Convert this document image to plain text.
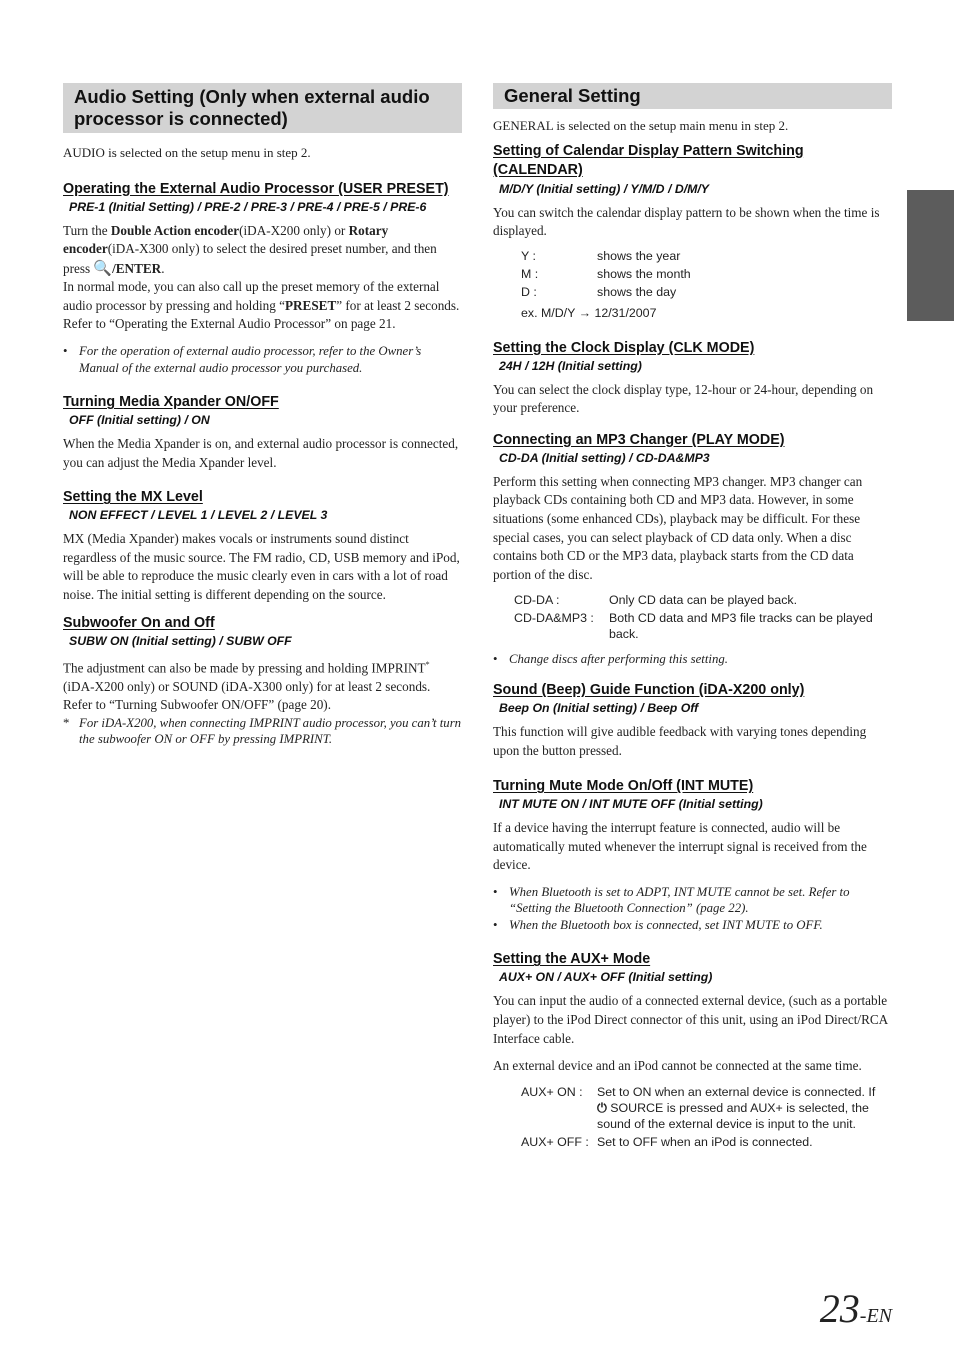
Audio Setting (Only when external audio processor is connected)

AUDIO is selected on the setup menu in step 2.

Operating the External Audio Processor (USER PRESET)

PRE-1 (Initial Setting) / PRE-2 / PRE-3 / PRE-4 / PRE-5 / PRE-6

Turn the Double Action encoder(iDA-X200 only) or Rotary encoder(iDA-X300 only) to select the desired preset number, and then press 🔍/ENTER.

In normal mode, you can also call up the preset memory of the external audio processor by pressing and holding “PRESET” for at least 2 seconds. Refer to “Operating the External Audio Processor” on page 21.

• For the operation of external audio processor, refer to the Owner’s Manual of the external audio processor you purchased.

Turning Media Xpander ON/OFF

OFF (Initial setting) / ON

When the Media Xpander is on, and external audio processor is connected, you can adjust the Media Xpander level.

Setting the MX Level

NON EFFECT / LEVEL 1 / LEVEL 2 / LEVEL 3

MX (Media Xpander) makes vocals or instruments sound distinct regardless of the music source. The FM radio, CD, USB memory and iPod, will be able to reproduce the music clearly even in cars with a lot of road noise. The initial setting is different depending on the source.

Subwoofer On and Off

SUBW ON (Initial setting) / SUBW OFF

The adjustment can also be made by pressing and holding IMPRINT* (iDA-X200 only) or SOUND (iDA-X300 only) for at least 2 seconds. Refer to “Turning Subwoofer ON/OFF” (page 20).

* For iDA-X200, when connecting IMPRINT audio processor, you can’t turn the subwoofer ON or OFF by pressing IMPRINT.

General Setting

GENERAL is selected on the setup main menu in step 2.

Setting of Calendar Display Pattern Switching (CALENDAR)

M/D/Y (Initial setting) / Y/M/D / D/M/Y

You can switch the calendar display pattern to be shown when the time is displayed.

Y :	shows the year
M :	shows the month
D :	shows the day

ex. M/D/Y → 12/31/2007

Setting the Clock Display (CLK MODE)

24H / 12H (Initial setting)

You can select the clock display type, 12-hour or 24-hour, depending on your preference.

Connecting an MP3 Changer (PLAY MODE)

CD-DA (Initial setting) / CD-DA&MP3

Perform this setting when connecting MP3 changer. MP3 changer can playback CDs containing both CD and MP3 data. However, in some situations (some enhanced CDs), playback may be difficult. For these special cases, you can select playback of CD data only. When a disc contains both CD or the MP3 data, playback starts from the CD data portion of the disc.

CD-DA :	Only CD data can be played back.
CD-DA&MP3 :	Both CD data and MP3 file tracks can be played back.

• Change discs after performing this setting.

Sound (Beep) Guide Function (iDA-X200 only)

Beep On (Initial setting) / Beep Off

This function will give audible feedback with varying tones depending upon the button pressed.

Turning Mute Mode On/Off (INT MUTE)

INT MUTE ON / INT MUTE OFF (Initial setting)

If a device having the interrupt feature is connected, audio will be automatically muted whenever the interrupt signal is received from the device.

• When Bluetooth is set to ADPT, INT MUTE cannot be set. Refer to “Setting the Bluetooth Connection” (page 22).

• When the Bluetooth box is connected, set INT MUTE to OFF.

Setting the AUX+ Mode

AUX+ ON / AUX+ OFF (Initial setting)

You can input the audio of a connected external device, (such as a portable player) to the iPod Direct connector of this unit, using an iPod Direct/RCA Interface cable.

An external device and an iPod cannot be connected at the same time.

AUX+ ON :	Set to ON when an external device is connected. If
⏻ SOURCE is pressed and AUX+ is selected, the sound of the external device is input to the unit.
AUX+ OFF :	Set to OFF when an iPod is connected.
23-EN
